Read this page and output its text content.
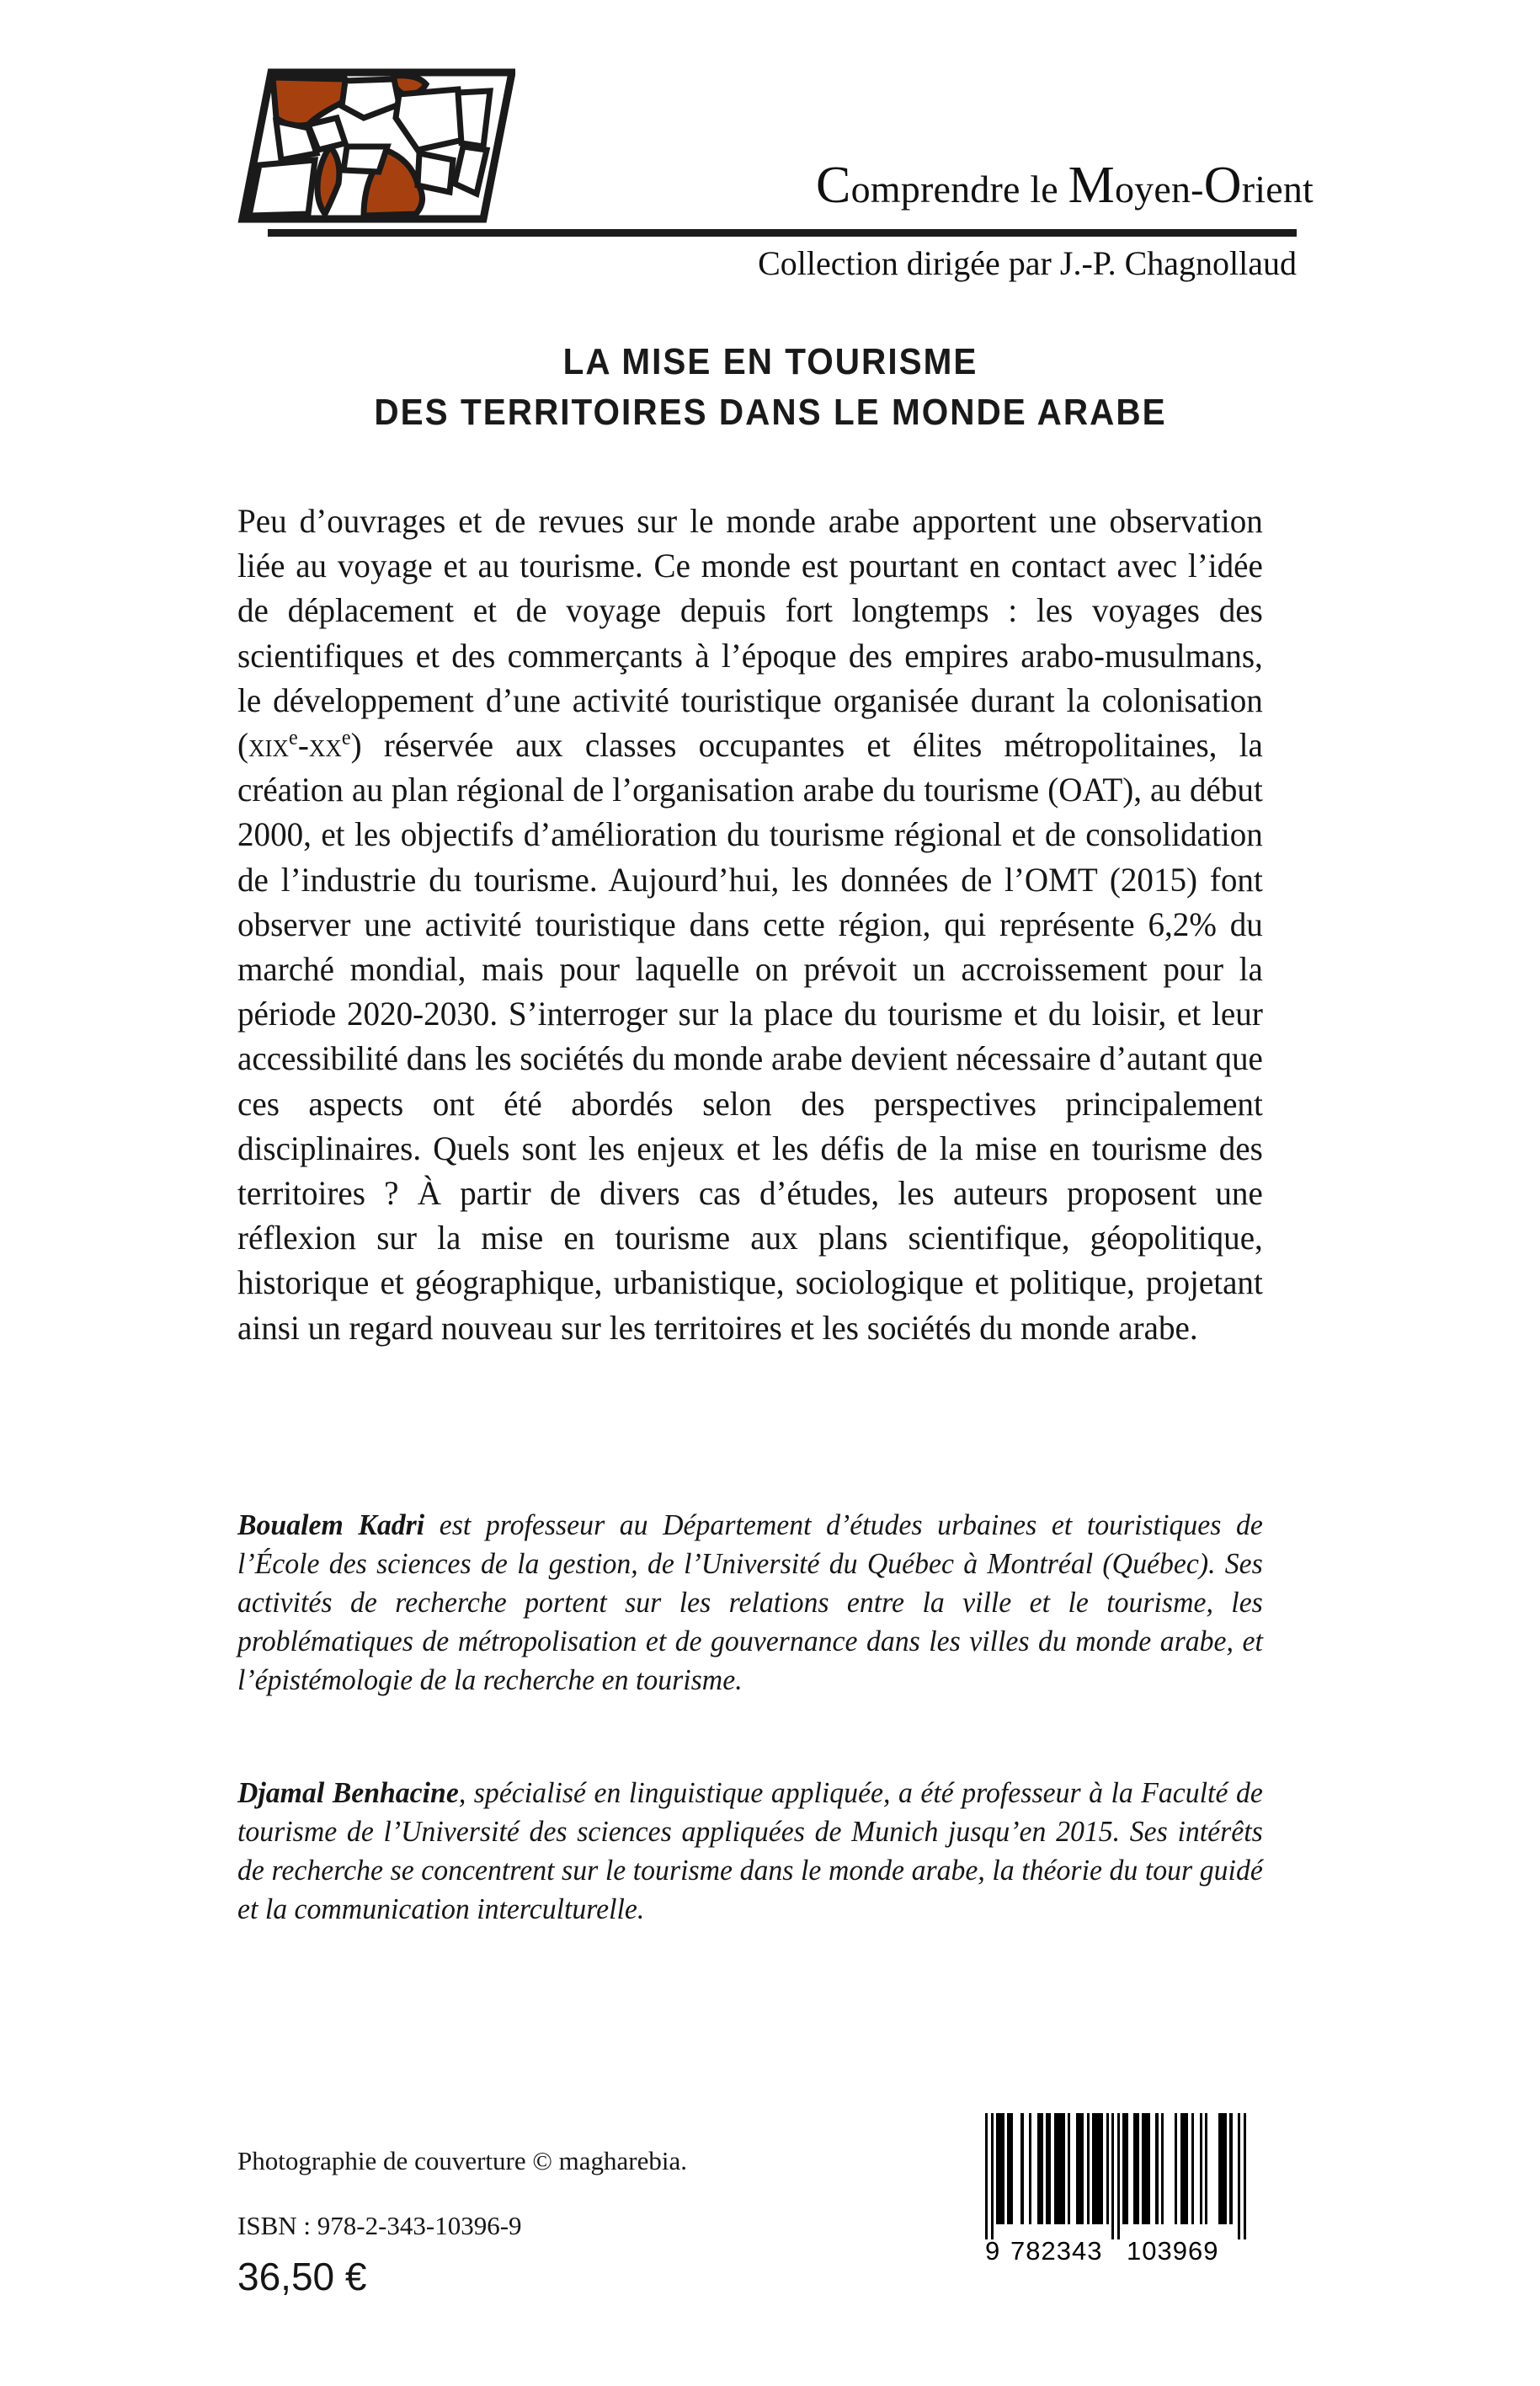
Comprendre le Moyen-Orient
Collection dirigée par J.-P. Chagnollaud
LA MISE EN TOURISME
DES TERRITOIRES DANS LE MONDE ARABE
Peu d’ouvrages et de revues sur le monde arabe apportent une observation liée au voyage et au tourisme. Ce monde est pourtant en contact avec l’idée de déplacement et de voyage depuis fort longtemps : les voyages des scientifiques et des commerçants à l’époque des empires arabo-musulmans, le développement d’une activité touristique organisée durant la colonisation $(xix^e-xx^e)$ réservée aux classes occupantes et élites métropolitaines, la création au plan régional de l’organisation arabe du tourisme (OAT), au début 2000, et les objectifs d’amélioration du tourisme régional et de consolidation de l’industrie du tourisme. Aujourd’hui, les données de l’OMT (2015) font observer une activité touristique dans cette région, qui représente 6,2% du marché mondial, mais pour laquelle on prévoit un accroissement pour la période 2020-2030. S’interroger sur la place du tourisme et du loisir, et leur accessibilité dans les sociétés du monde arabe devient nécessaire d’autant que ces aspects ont été abordés selon des perspectives principalement disciplinaires. Quels sont les enjeux et les défis de la mise en tourisme des territoires ? À partir de divers cas d’études, les auteurs proposent une réflexion sur la mise en tourisme aux plans scientifique, géopolitique, historique et géographique, urbanistique, sociologique et politique, projetant ainsi un regard nouveau sur les territoires et les sociétés du monde arabe.
Boualem Kadri est professeur au Département d’études urbaines et touristiques de l’École des sciences de la gestion, de l’Université du Québec à Montréal (Québec). Ses activités de recherche portent sur les relations entre la ville et le tourisme, les problématiques de métropolisation et de gouvernance dans les villes du monde arabe, et l’épistémologie de la recherche en tourisme.
Djamal Benhacine, spécialisé en linguistique appliquée, a été professeur à la Faculté de tourisme de l’Université des sciences appliquées de Munich jusqu’en 2015. Ses intérêts de recherche se concentrent sur le tourisme dans le monde arabe, la théorie du tour guidé et la communication interculturelle.
Photographie de couverture © magharebia.
ISBN : 978-2-343-10396-9
36,50 €
9 782343 103969
